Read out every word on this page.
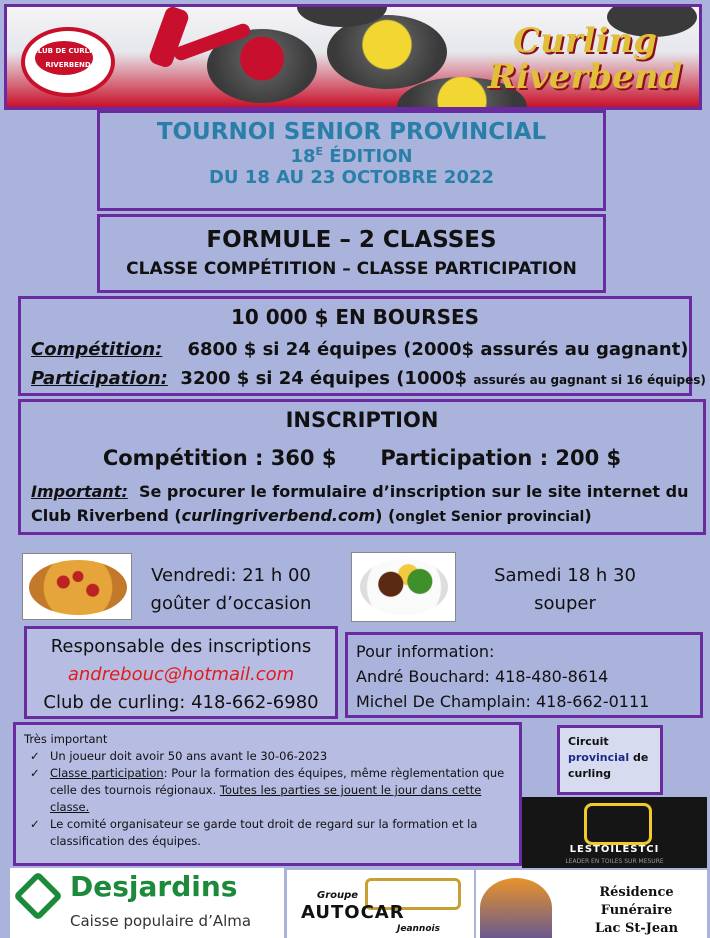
CLUB DE CURLING
RIVERBEND
Curling
Riverbend
TOURNOI SENIOR PROVINCIAL
$18^E$ ÉDITION
DU 18 AU 23 OCTOBRE 2022
FORMULE – 2 CLASSES
CLASSE COMPÉTITION – CLASSE PARTICIPATION
10 000 $ EN BOURSES
Compétition: 6800 $ si 24 équipes (2000$ assurés au gagnant)
Participation: 3200 $ si 24 équipes (1000$ assurés au gagnant si 16 équipes)
INSCRIPTION
Compétition : 360 $ Participation : 200 $
Important: Se procurer le formulaire d’inscription sur le site internet du Club Riverbend (curlingriverbend.com) (onglet Senior provincial)
Vendredi: 21 h 00
goûter d’occasion
Samedi 18 h 30
souper
Responsable des inscriptions
andrebouc@hotmail.com
Club de curling: 418-662-6980
Pour information:
André Bouchard: 418-480-8614
Michel De Champlain: 418-662-0111
Très important
✓ Un joueur doit avoir 50 ans avant le 30-06-2023
✓ Classe participation: Pour la formation des équipes, même règlementation que celle des tournois régionaux. Toutes les parties se jouent le jour dans cette classe.
✓ Le comité organisateur se garde tout droit de regard sur la formation et la classification des équipes.
Circuit
provincial de curling
LESTOILESTCI
LEADER EN TOILES SUR MESURE
Desjardins
Caisse populaire d’Alma
Groupe
AUTOCAR
Jeannois
Résidence Funéraire
Lac St-Jean
